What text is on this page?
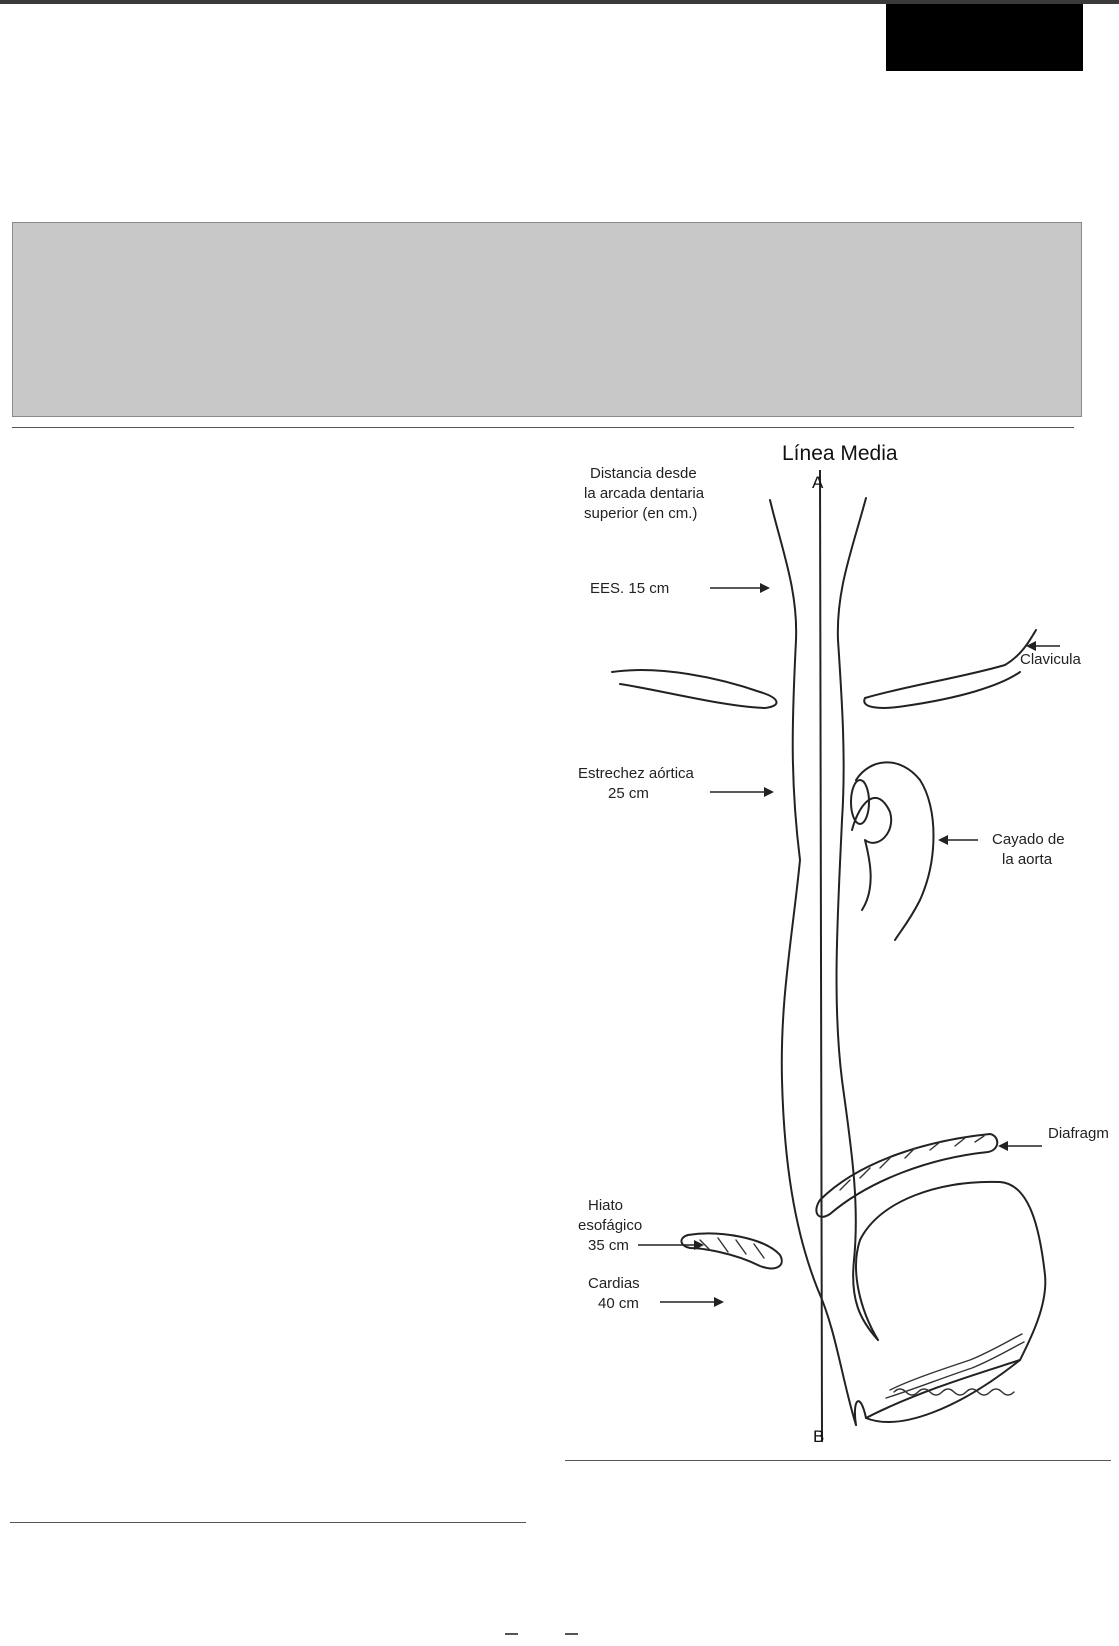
Línea Media
A
B
Distancia desde
la arcada dentaria
superior (en cm.)
EES. 15 cm
Clavicula
Estrechez aórtica
25 cm
Cayado de
la aorta
Diafragm
Hiato
esofágico
35 cm
Cardias
40 cm
